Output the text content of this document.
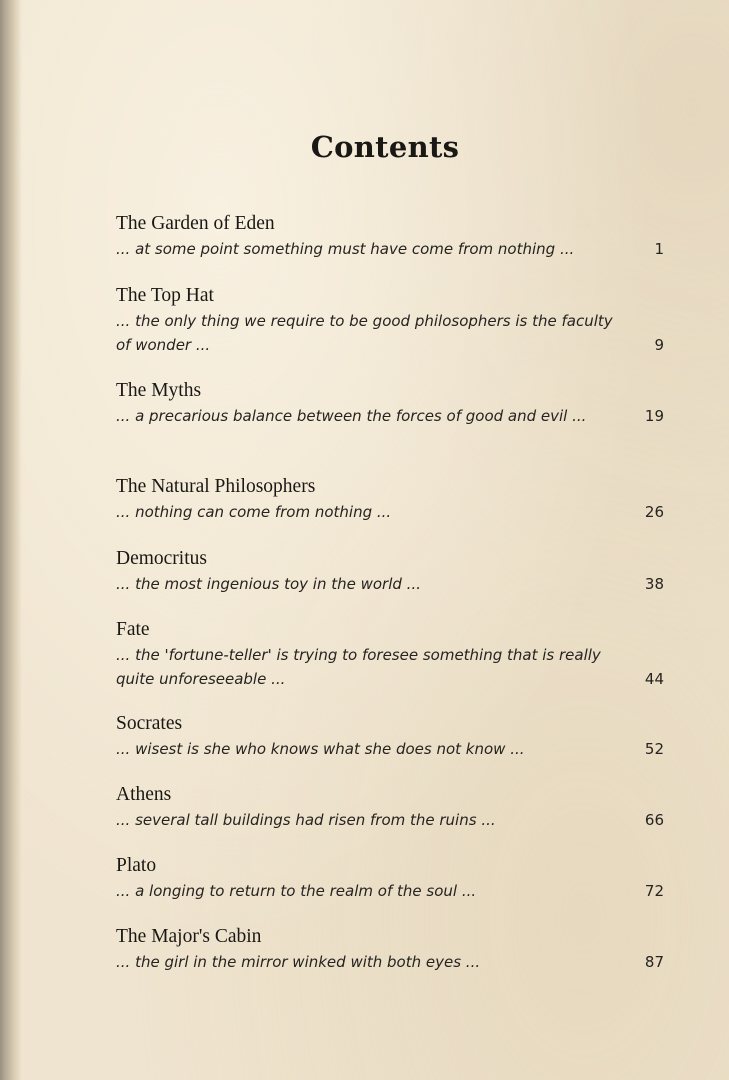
Contents
The Garden of Eden
... at some point something must have come from nothing ...	1
The Top Hat
... the only thing we require to be good philosophers is the faculty of wonder ...	9
The Myths
... a precarious balance between the forces of good and evil ...	19
The Natural Philosophers
... nothing can come from nothing ...	26
Democritus
... the most ingenious toy in the world ...	38
Fate
... the 'fortune-teller' is trying to foresee something that is really quite unforeseeable ...	44
Socrates
... wisest is she who knows what she does not know ...	52
Athens
... several tall buildings had risen from the ruins ...	66
Plato
... a longing to return to the realm of the soul ...	72
The Major's Cabin
... the girl in the mirror winked with both eyes ...	87
